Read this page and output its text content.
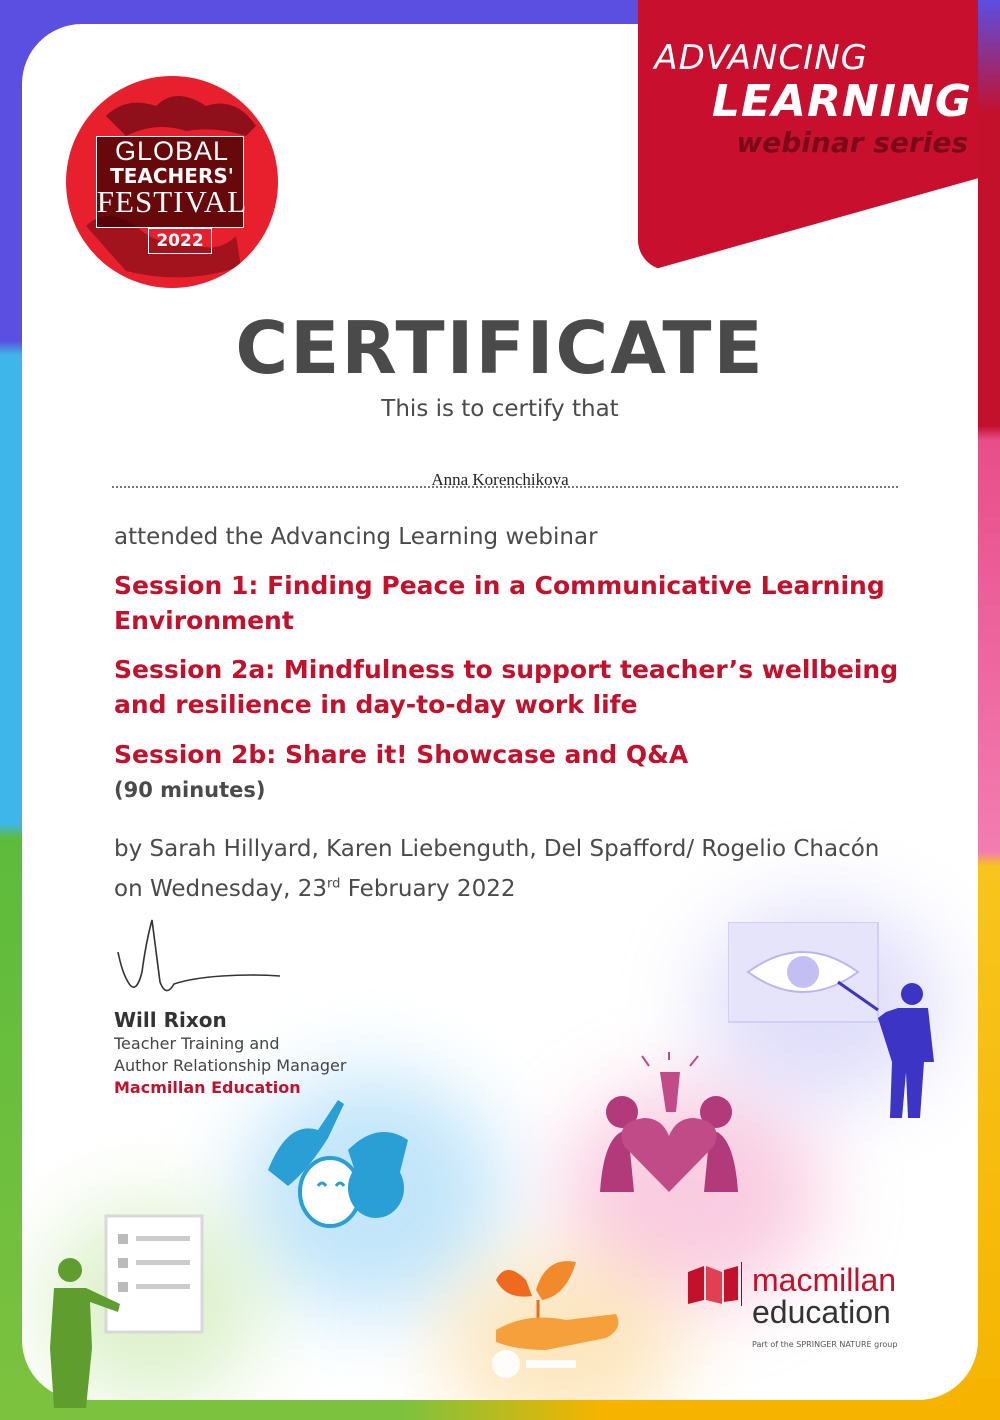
ADVANCING
LEARNING
webinar series
GLOBAL
TEACHERS'
FESTIVAL
2022
CERTIFICATE
This is to certify that
Anna Korenchikova
attended the Advancing Learning webinar
Session 1: Finding Peace in a Communicative Learning Environment
Session 2a: Mindfulness to support teacher’s wellbeing and resilience in day-to-day work life
Session 2b: Share it! Showcase and Q&A
(90 minutes)
by Sarah Hillyard, Karen Liebenguth, Del Spafford/ Rogelio Chacón
on Wednesday, 23rd February 2022
Will Rixon
Teacher Training and
Author Relationship Manager
Macmillan Education
macmillan
education
Part of the SPRINGER NATURE group
